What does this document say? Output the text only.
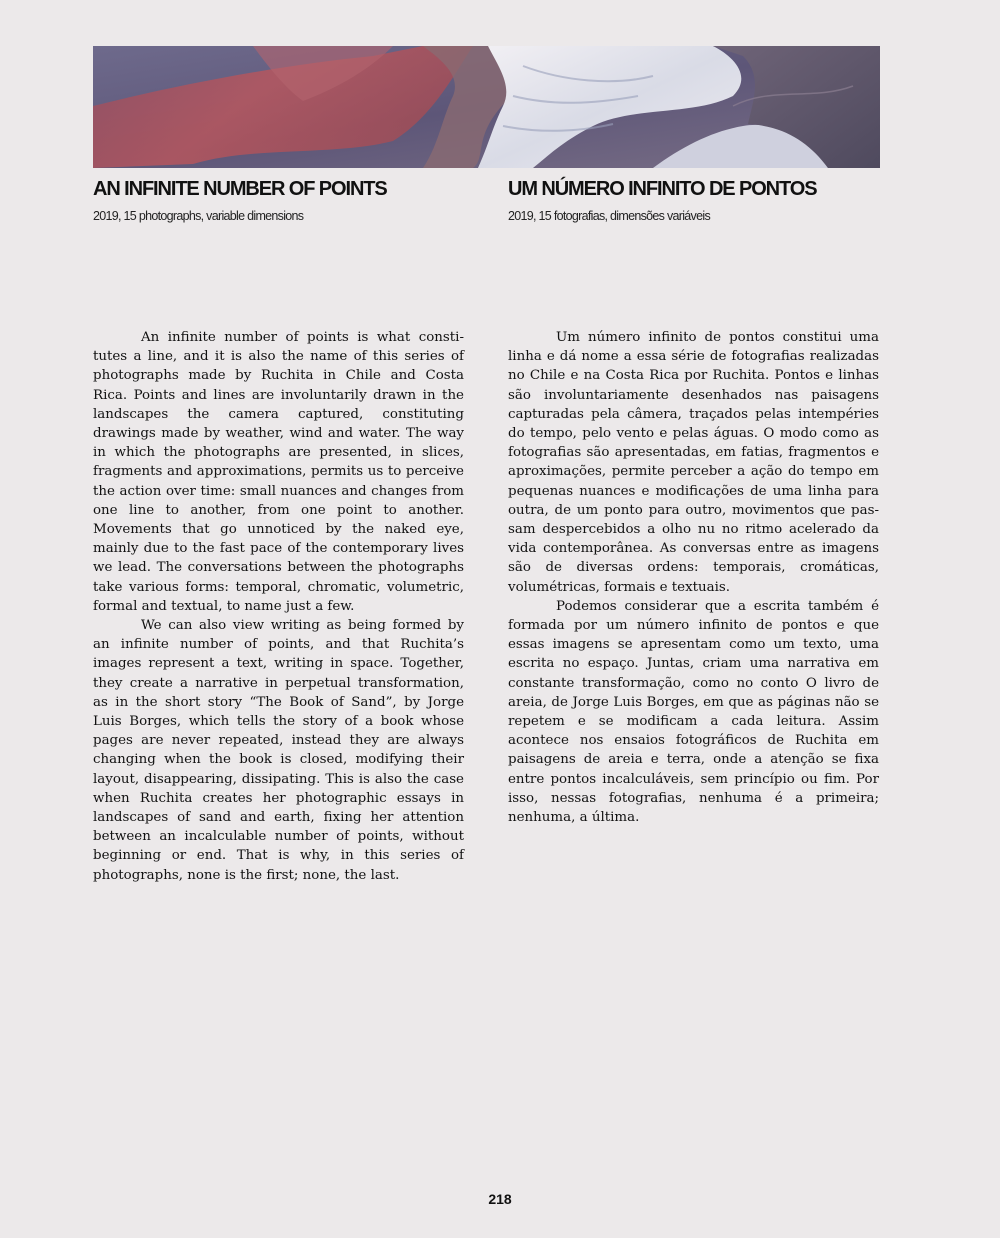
AN INFINITE NUMBER OF POINTS
2019, 15 photographs, variable dimensions
UM NÚMERO INFINITO DE PONTOS
2019, 15 fotografias, dimensões variáveis

An infinite number of points is what constitutes a line, and it is also the name of this series of photographs made by Ruchita in Chile and Costa Rica. Points and lines are involuntarily drawn in the landscapes the camera captured, constituting drawings made by weather, wind and water. The way in which the photographs are presented, in slices, fragments and approximations, permits us to perceive the action over time: small nuances and changes from one line to another, from one point to another. Movements that go unnoticed by the naked eye, mainly due to the fast pace of the contemporary lives we lead. The conversations between the photographs take various forms: temporal, chromatic, volumetric, formal and textual, to name just a few.

We can also view writing as being formed by an infinite number of points, and that Ruchita’s images represent a text, writing in space. Together, they create a narrative in perpetual transformation, as in the short story “The Book of Sand”, by Jorge Luis Borges, which tells the story of a book whose pages are never repeated, instead they are always changing when the book is closed, modifying their layout, disappearing, dissipating. This is also the case when Ruchita creates her photographic essays in landscapes of sand and earth, fixing her attention between an incalculable number of points, without beginning or end. That is why, in this series of photographs, none is the first; none, the last.

Um número infinito de pontos constitui uma linha e dá nome a essa série de fotografias realizadas no Chile e na Costa Rica por Ruchita. Pontos e linhas são involuntariamente desenhados nas paisagens capturadas pela câmera, traçados pelas intempéries do tempo, pelo vento e pelas águas. O modo como as fotografias são apresentadas, em fatias, fragmentos e aproximações, permite perceber a ação do tempo em pequenas nuances e modificações de uma linha para outra, de um ponto para outro, movimentos que passam despercebidos a olho nu no ritmo acelerado da vida contemporânea. As conversas entre as imagens são de diversas ordens: temporais, cromáticas, volumétricas, formais e textuais.

Podemos considerar que a escrita também é formada por um número infinito de pontos e que essas imagens se apresentam como um texto, uma escrita no espaço. Juntas, criam uma narrativa em constante transformação, como no conto O livro de areia, de Jorge Luis Borges, em que as páginas não se repetem e se modificam a cada leitura. Assim acontece nos ensaios fotográficos de Ruchita em paisagens de areia e terra, onde a atenção se fixa entre pontos incalculáveis, sem princípio ou fim. Por isso, nessas fotografias, nenhuma é a primeira; nenhuma, a última.

218
